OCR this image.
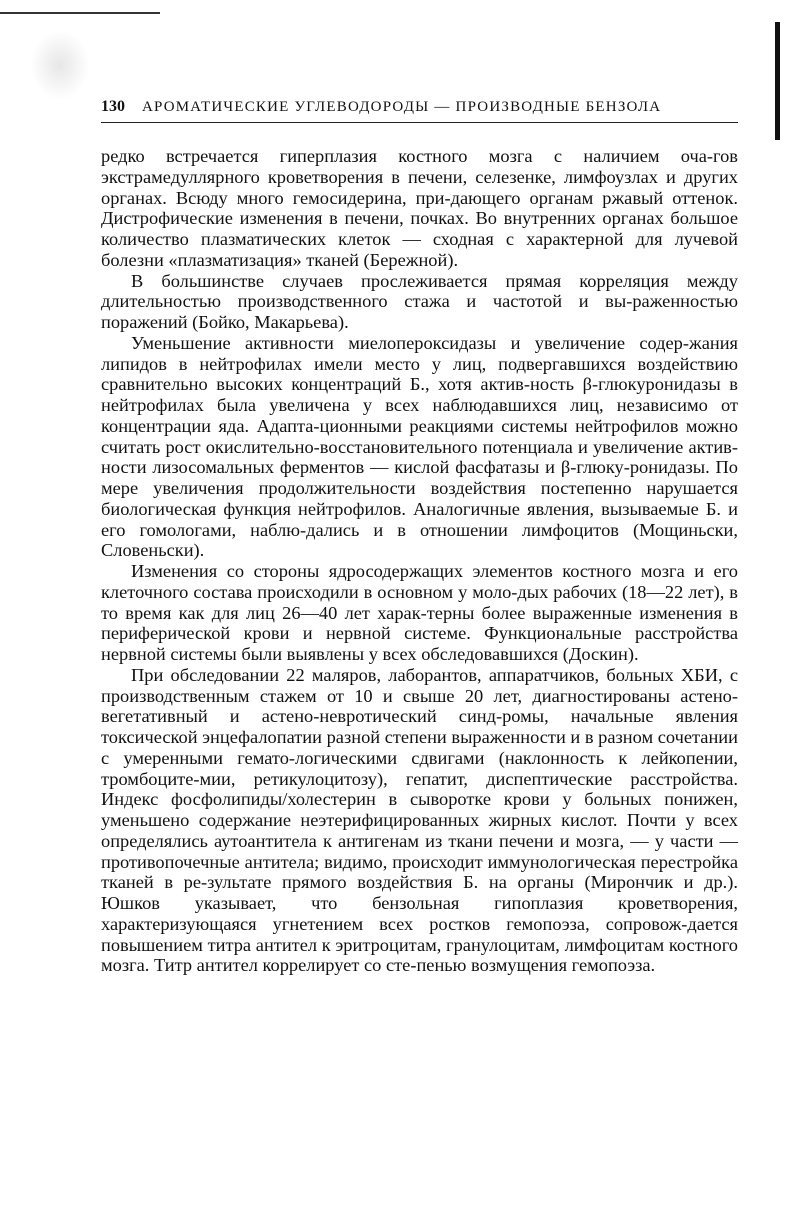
130 АРОМАТИЧЕСКИЕ УГЛЕВОДОРОДЫ — ПРОИЗВОДНЫЕ БЕНЗОЛА

редко встречается гиперплазия костного мозга с наличием оча-гов экстрамедуллярного кроветворения в печени, селезенке, лимфоузлах и других органах. Всюду много гемосидерина, при-дающего органам ржавый оттенок. Дистрофические изменения в печени, почках. Во внутренних органах большое количество плазматических клеток — сходная с характерной для лучевой болезни «плазматизация» тканей (Бережной).

В большинстве случаев прослеживается прямая корреляция между длительностью производственного стажа и частотой и вы-раженностью поражений (Бойко, Макарьева).

Уменьшение активности миелопероксидазы и увеличение содер-жания липидов в нейтрофилах имели место у лиц, подвергавшихся воздействию сравнительно высоких концентраций Б., хотя актив-ность β-глюкуронидазы в нейтрофилах была увеличена у всех наблюдавшихся лиц, независимо от концентрации яда. Адапта-ционными реакциями системы нейтрофилов можно считать рост окислительно-восстановительного потенциала и увеличение актив-ности лизосомальных ферментов — кислой фасфатазы и β-глюку-ронидазы. По мере увеличения продолжительности воздействия постепенно нарушается биологическая функция нейтрофилов. Аналогичные явления, вызываемые Б. и его гомологами, наблю-дались и в отношении лимфоцитов (Мощиньски, Словеньски).

Изменения со стороны ядросодержащих элементов костного мозга и его клеточного состава происходили в основном у моло-дых рабочих (18—22 лет), в то время как для лиц 26—40 лет харак-терны более выраженные изменения в периферической крови и нервной системе. Функциональные расстройства нервной системы были выявлены у всех обследовавшихся (Доскин).

При обследовании 22 маляров, лаборантов, аппаратчиков, больных ХБИ, с производственным стажем от 10 и свыше 20 лет, диагностированы астено-вегетативный и астено-невротический синд-ромы, начальные явления токсической энцефалопатии разной степени выраженности и в разном сочетании с умеренными гемато-логическими сдвигами (наклонность к лейкопении, тромбоците-мии, ретикулоцитозу), гепатит, диспептические расстройства. Индекс фосфолипиды/холестерин в сыворотке крови у больных понижен, уменьшено содержание неэтерифицированных жирных кислот. Почти у всех определялись аутоантитела к антигенам из ткани печени и мозга, — у части — противопочечные антитела; видимо, происходит иммунологическая перестройка тканей в ре-зультате прямого воздействия Б. на органы (Мирончик и др.). Юшков указывает, что бензольная гипоплазия кроветворения, характеризующаяся угнетением всех ростков гемопоэза, сопровож-дается повышением титра антител к эритроцитам, гранулоцитам, лимфоцитам костного мозга. Титр антител коррелирует со сте-пенью возмущения гемопоэза.
